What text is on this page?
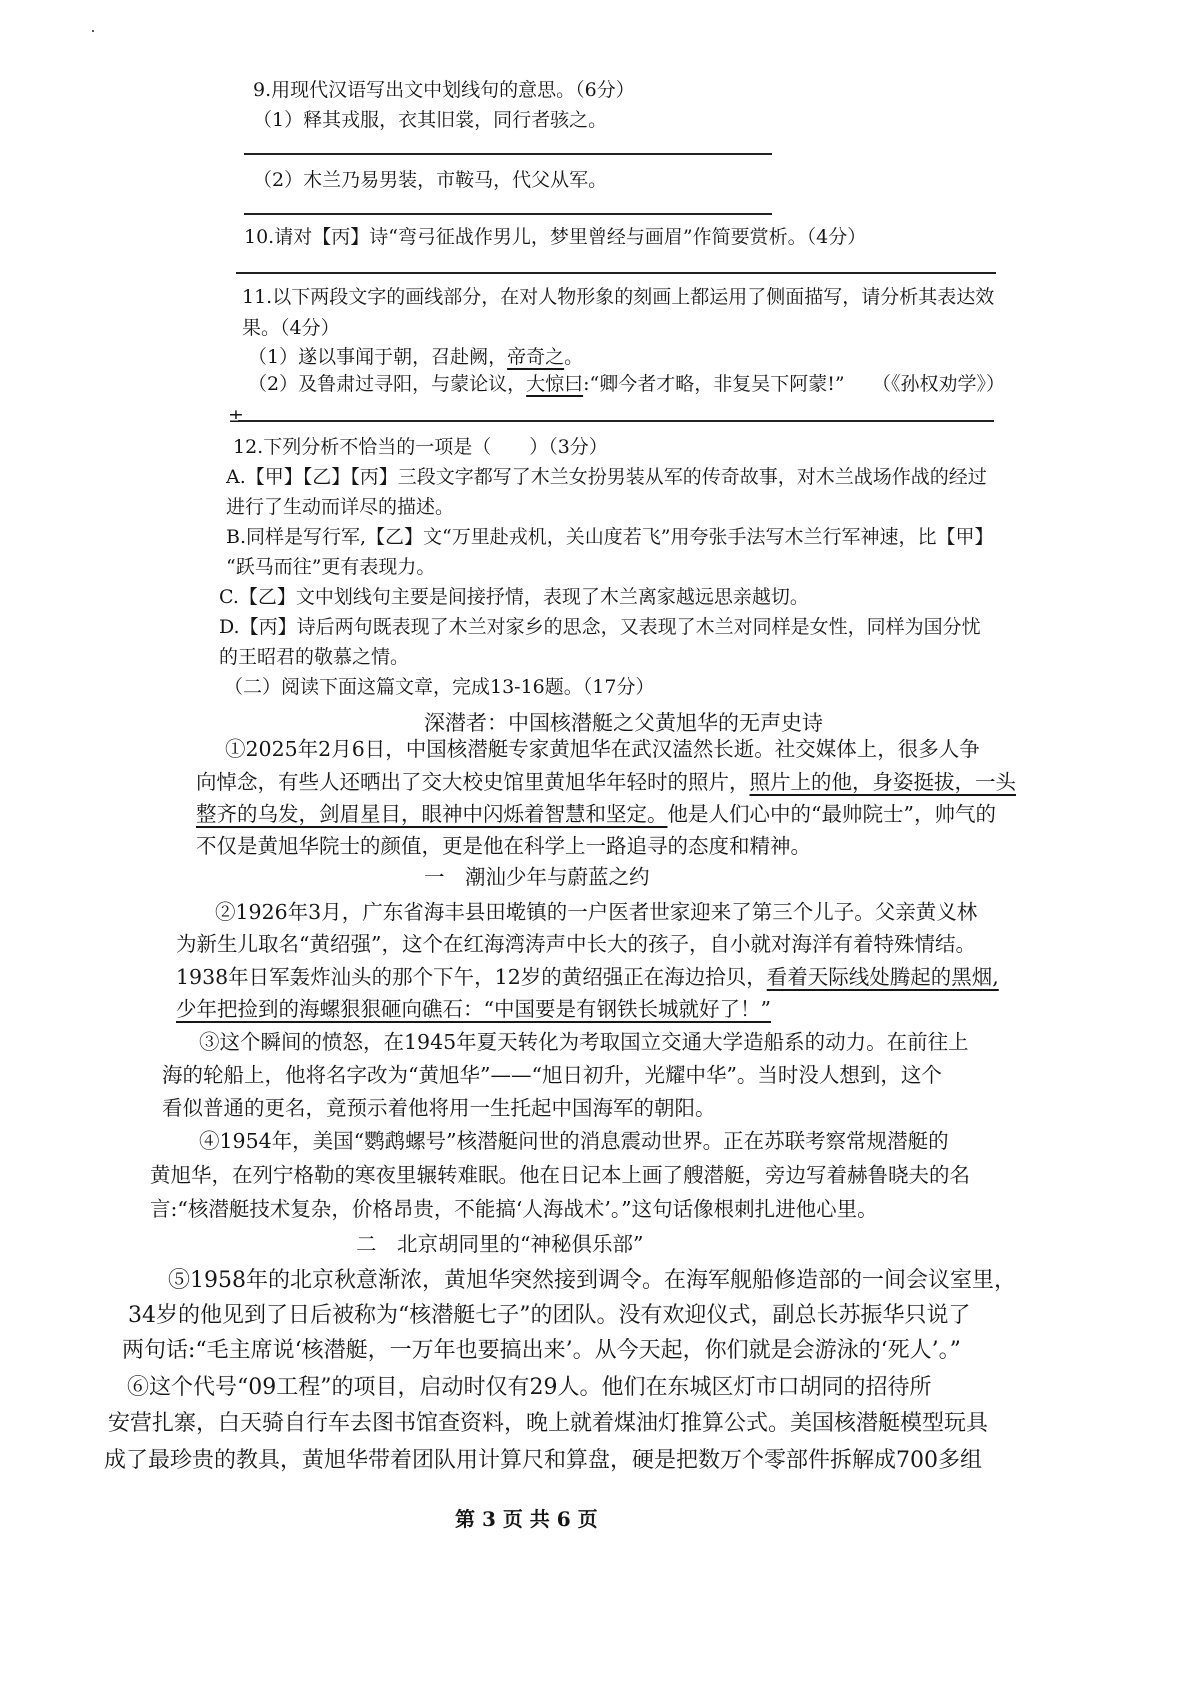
9.用现代汉语写出文中划线句的意思。（6分）
（1）释其戎服，衣其旧裳，同行者骇之。
（2）木兰乃易男装，市鞍马，代父从军。
10.请对【丙】诗“弯弓征战作男儿，梦里曾经与画眉”作简要赏析。（4分）
11.以下两段文字的画线部分，在对人物形象的刻画上都运用了侧面描写，请分析其表达效
果。（4分）
（1）遂以事闻于朝，召赴阙，帝奇之。
（2）及鲁肃过寻阳，与蒙论议，大惊曰:“卿今者才略，非复吴下阿蒙!” （《孙权劝学》）
±
12.下列分析不恰当的一项是（　　）（3分）
A.【甲】【乙】【丙】三段文字都写了木兰女扮男装从军的传奇故事，对木兰战场作战的经过
进行了生动而详尽的描述。
B.同样是写行军,【乙】文“万里赴戎机，关山度若飞”用夸张手法写木兰行军神速，比【甲】
“跃马而往”更有表现力。
C.【乙】文中划线句主要是间接抒情，表现了木兰离家越远思亲越切。
D.【丙】诗后两句既表现了木兰对家乡的思念，又表现了木兰对同样是女性，同样为国分忧
的王昭君的敬慕之情。
（二）阅读下面这篇文章，完成13-16题。（17分）
深潜者：中国核潜艇之父黄旭华的无声史诗
①2025年2月6日，中国核潜艇专家黄旭华在武汉溘然长逝。社交媒体上，很多人争
向悼念，有些人还晒出了交大校史馆里黄旭华年轻时的照片，照片上的他，身姿挺拔，一头
整齐的乌发，剑眉星目，眼神中闪烁着智慧和坚定。他是人们心中的“最帅院士”，帅气的
不仅是黄旭华院士的颜值，更是他在科学上一路追寻的态度和精神。
一　潮汕少年与蔚蓝之约
②1926年3月，广东省海丰县田墘镇的一户医者世家迎来了第三个儿子。父亲黄义林
为新生儿取名“黄绍强”，这个在红海湾涛声中长大的孩子，自小就对海洋有着特殊情结。
1938年日军轰炸汕头的那个下午，12岁的黄绍强正在海边拾贝，看着天际线处腾起的黑烟,
少年把捡到的海螺狠狠砸向礁石：“中国要是有钢铁长城就好了！”
③这个瞬间的愤怒，在1945年夏天转化为考取国立交通大学造船系的动力。在前往上
海的轮船上，他将名字改为“黄旭华”——“旭日初升，光耀中华”。当时没人想到，这个
看似普通的更名，竟预示着他将用一生托起中国海军的朝阳。
④1954年，美国“鹦鹉螺号”核潜艇问世的消息震动世界。正在苏联考察常规潜艇的
黄旭华，在列宁格勒的寒夜里辗转难眠。他在日记本上画了艘潜艇，旁边写着赫鲁晓夫的名
言:“核潜艇技术复杂，价格昂贵，不能搞‘人海战术’。”这句话像根刺扎进他心里。
二　北京胡同里的“神秘俱乐部”
⑤1958年的北京秋意渐浓，黄旭华突然接到调令。在海军舰船修造部的一间会议室里，
34岁的他见到了日后被称为“核潜艇七子”的团队。没有欢迎仪式，副总长苏振华只说了
两句话:“毛主席说‘核潜艇，一万年也要搞出来’。从今天起，你们就是会游泳的‘死人’。”
⑥这个代号“09工程”的项目，启动时仅有29人。他们在东城区灯市口胡同的招待所
安营扎寨，白天骑自行车去图书馆查资料，晚上就着煤油灯推算公式。美国核潜艇模型玩具
成了最珍贵的教具，黄旭华带着团队用计算尺和算盘，硬是把数万个零部件拆解成700多组
第 3 页 共 6 页
